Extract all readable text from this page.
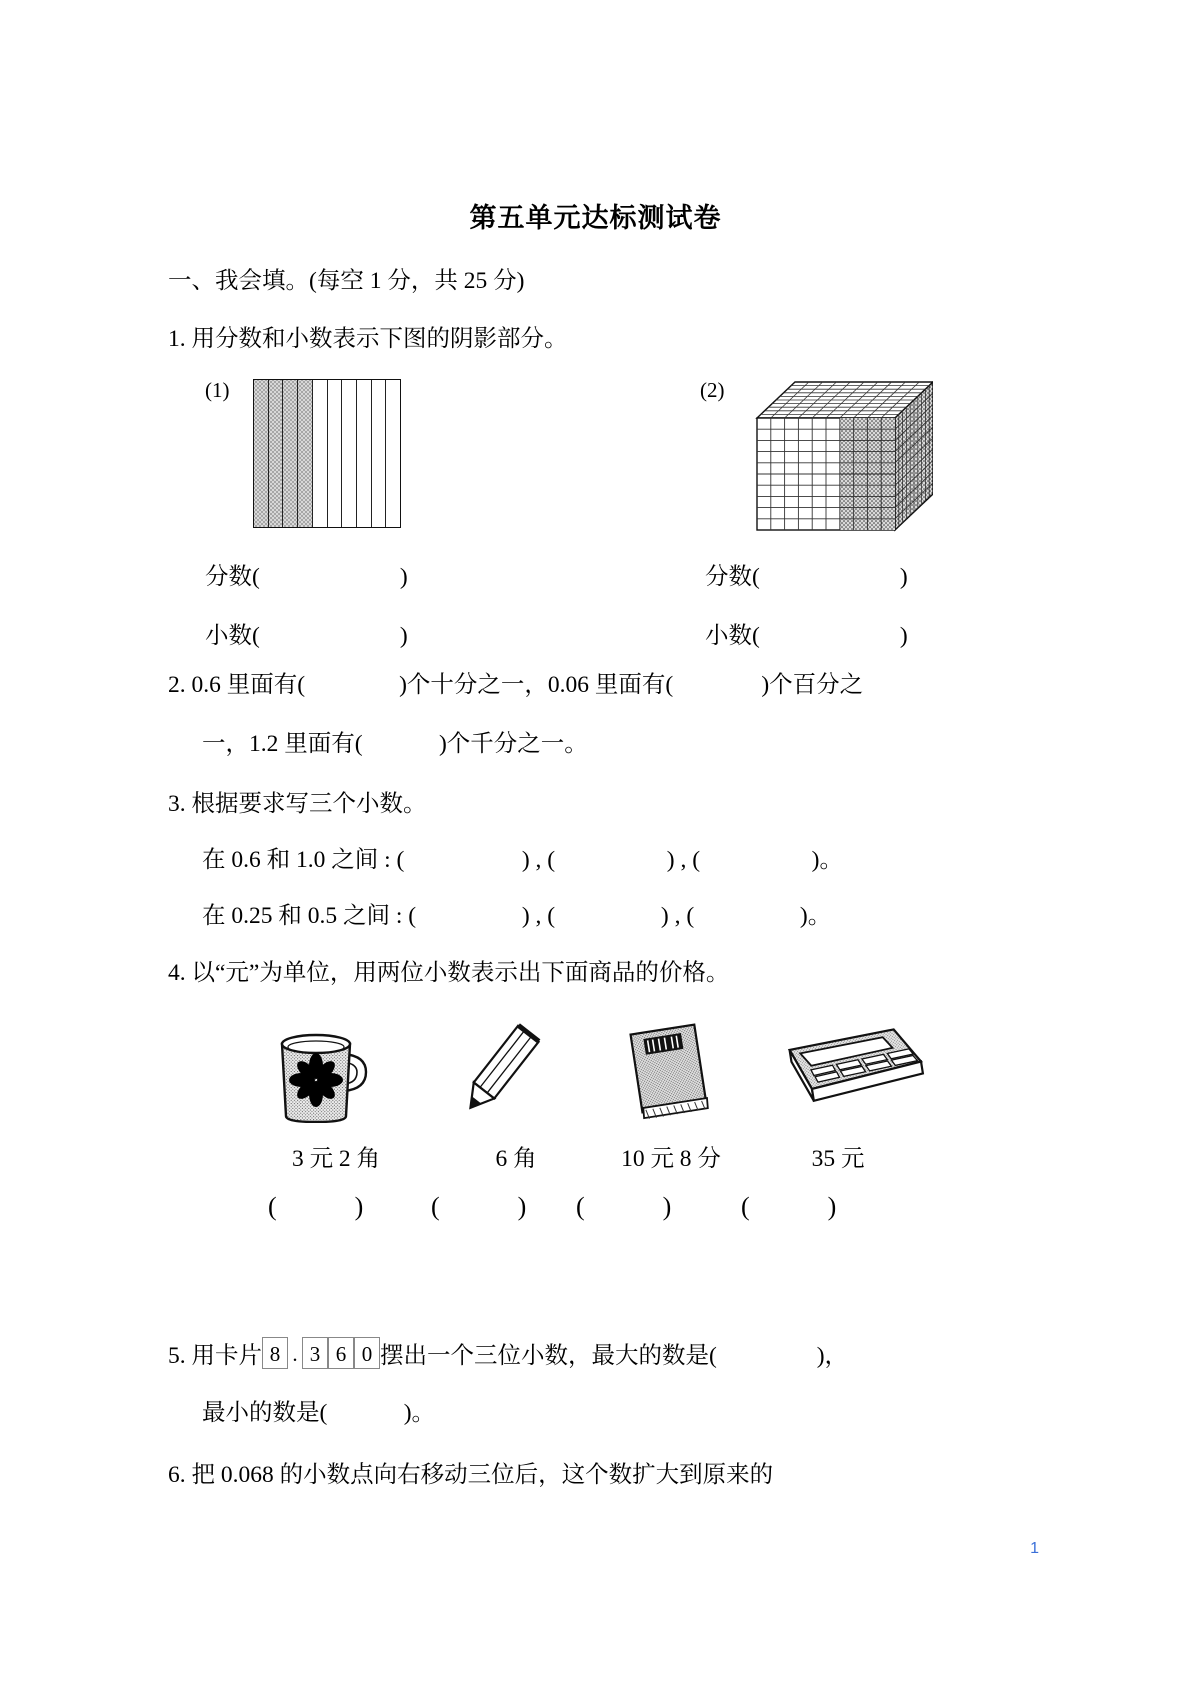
第五单元达标测试卷
一、我会填。(每空 1 分，共 25 分)
1. 用分数和小数表示下图的阴影部分。
(1)	(2)
分数(	)
小数(	)
分数(	)
小数(	)
2. 0.6 里面有(                )个十分之一，0.06 里面有(               )个百分之
一，1.2 里面有(             )个千分之一。
3. 根据要求写三个小数。
在 0.6 和 1.0 之间 : (                    ) , (                   ) , (                   )。
在 0.25 和 0.5 之间 : (                  ) , (                  ) , (                  )。
4. 以“元”为单位，用两位小数表示出下面商品的价格。
3 元 2 角	6 角	10 元 8 分	35 元
(            )	(            ) (            )	(            )
5. 用卡片 8 . 3 6 0 摆出一个三位小数，最大的数是(                 )，
最小的数是(             )。
6. 把 0.068 的小数点向右移动三位后，这个数扩大到原来的
1
